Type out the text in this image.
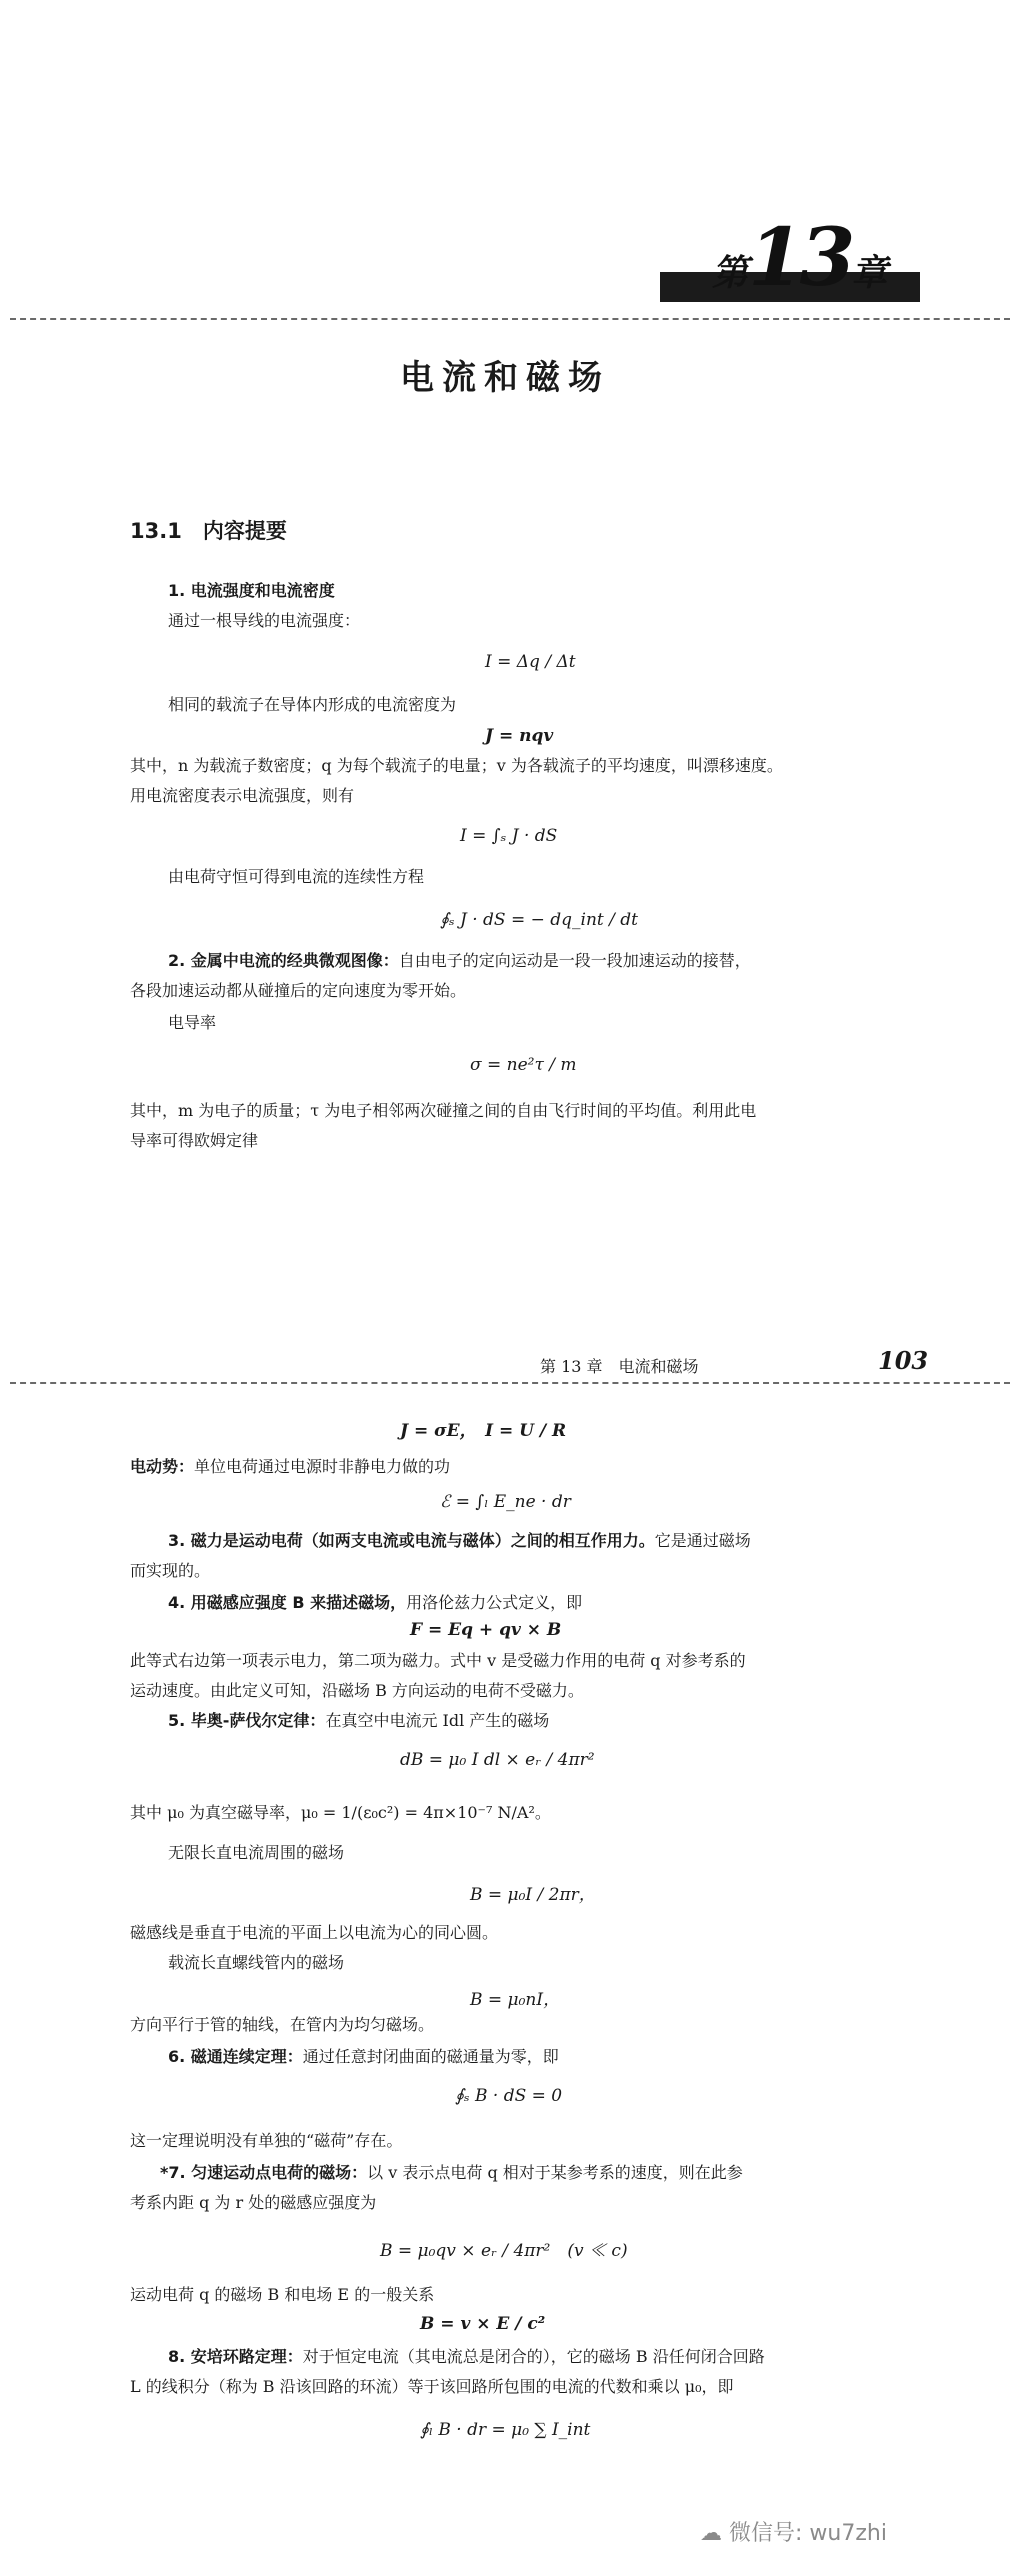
第13章
电流和磁场
13.1　内容提要
1. 电流强度和电流密度
通过一根导线的电流强度：
I = Δq / Δt
相同的载流子在导体内形成的电流密度为
J = nqv
其中，n 为载流子数密度；q 为每个载流子的电量；v 为各载流子的平均速度，叫漂移速度。
用电流密度表示电流强度，则有
I = ∫ₛ J · dS
由电荷守恒可得到电流的连续性方程
∮ₛ J · dS = − dq_int / dt
2. 金属中电流的经典微观图像：自由电子的定向运动是一段一段加速运动的接替，
各段加速运动都从碰撞后的定向速度为零开始。
电导率
σ = ne²τ / m
其中，m 为电子的质量；τ 为电子相邻两次碰撞之间的自由飞行时间的平均值。利用此电
导率可得欧姆定律
第 13 章　电流和磁场	103
J = σE，　I = U / R
电动势：单位电荷通过电源时非静电力做的功
ℰ = ∫ₗ E_ne · dr
3. 磁力是运动电荷（如两支电流或电流与磁体）之间的相互作用力。它是通过磁场
而实现的。
4. 用磁感应强度 B 来描述磁场，用洛伦兹力公式定义，即
F = Eq + qv × B
此等式右边第一项表示电力，第二项为磁力。式中 v 是受磁力作用的电荷 q 对参考系的
运动速度。由此定义可知，沿磁场 B 方向运动的电荷不受磁力。
5. 毕奥-萨伐尔定律：在真空中电流元 Idl 产生的磁场
dB = μ₀ I dl × eᵣ / 4πr²
其中 μ₀ 为真空磁导率，μ₀ = 1/(ε₀c²) = 4π×10⁻⁷ N/A²。
无限长直电流周围的磁场
B = μ₀I / 2πr，
磁感线是垂直于电流的平面上以电流为心的同心圆。
载流长直螺线管内的磁场
B = μ₀nI，
方向平行于管的轴线，在管内为均匀磁场。
6. 磁通连续定理：通过任意封闭曲面的磁通量为零，即
∮ₛ B · dS = 0
这一定理说明没有单独的“磁荷”存在。
*7. 匀速运动点电荷的磁场：以 v 表示点电荷 q 相对于某参考系的速度，则在此参
考系内距 q 为 r 处的磁感应强度为
B = μ₀qv × eᵣ / 4πr²　(v ≪ c)
运动电荷 q 的磁场 B 和电场 E 的一般关系
B = v × E / c²
8. 安培环路定理：对于恒定电流（其电流总是闭合的），它的磁场 B 沿任何闭合回路
L 的线积分（称为 B 沿该回路的环流）等于该回路所包围的电流的代数和乘以 μ₀，即
∮ₗ B · dr = μ₀ ∑ I_int
☁ 微信号: wu7zhi
